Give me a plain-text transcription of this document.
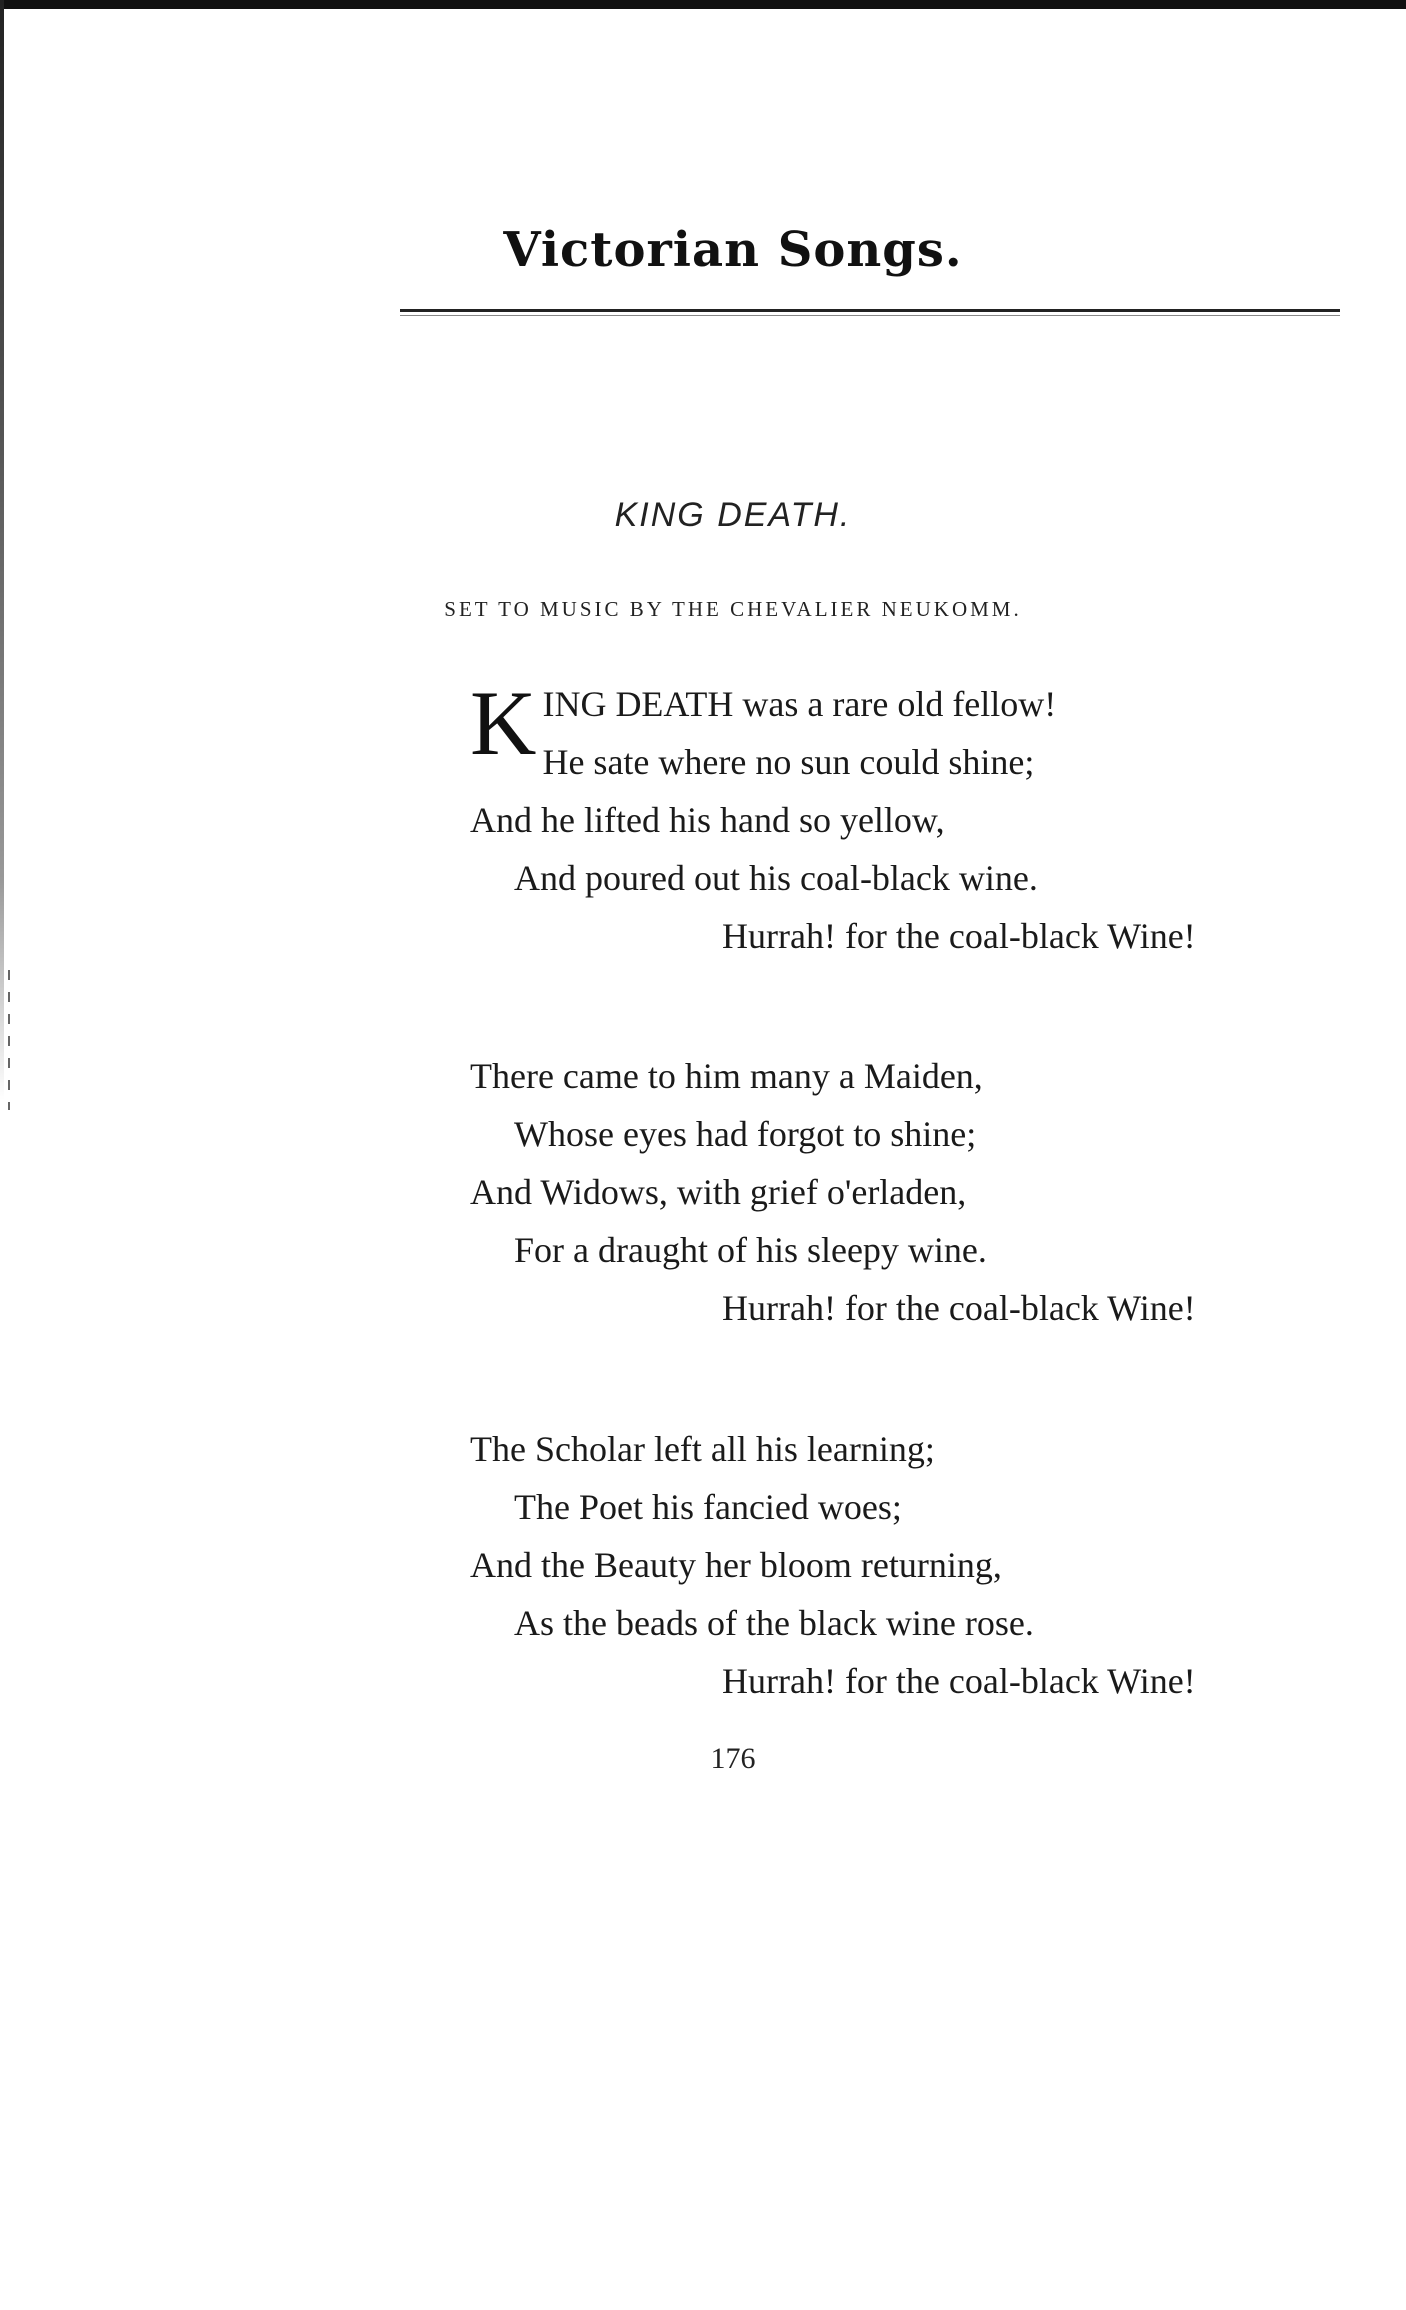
Victorian Songs.
KING DEATH.
SET TO MUSIC BY THE CHEVALIER NEUKOMM.
K ING DEATH was a rare old fellow!
He sate where no sun could shine;
And he lifted his hand so yellow,
And poured out his coal-black wine.
Hurrah! for the coal-black Wine!
There came to him many a Maiden,
Whose eyes had forgot to shine;
And Widows, with grief o'erladen,
For a draught of his sleepy wine.
Hurrah! for the coal-black Wine!
The Scholar left all his learning;
The Poet his fancied woes;
And the Beauty her bloom returning,
As the beads of the black wine rose.
Hurrah! for the coal-black Wine!
176
